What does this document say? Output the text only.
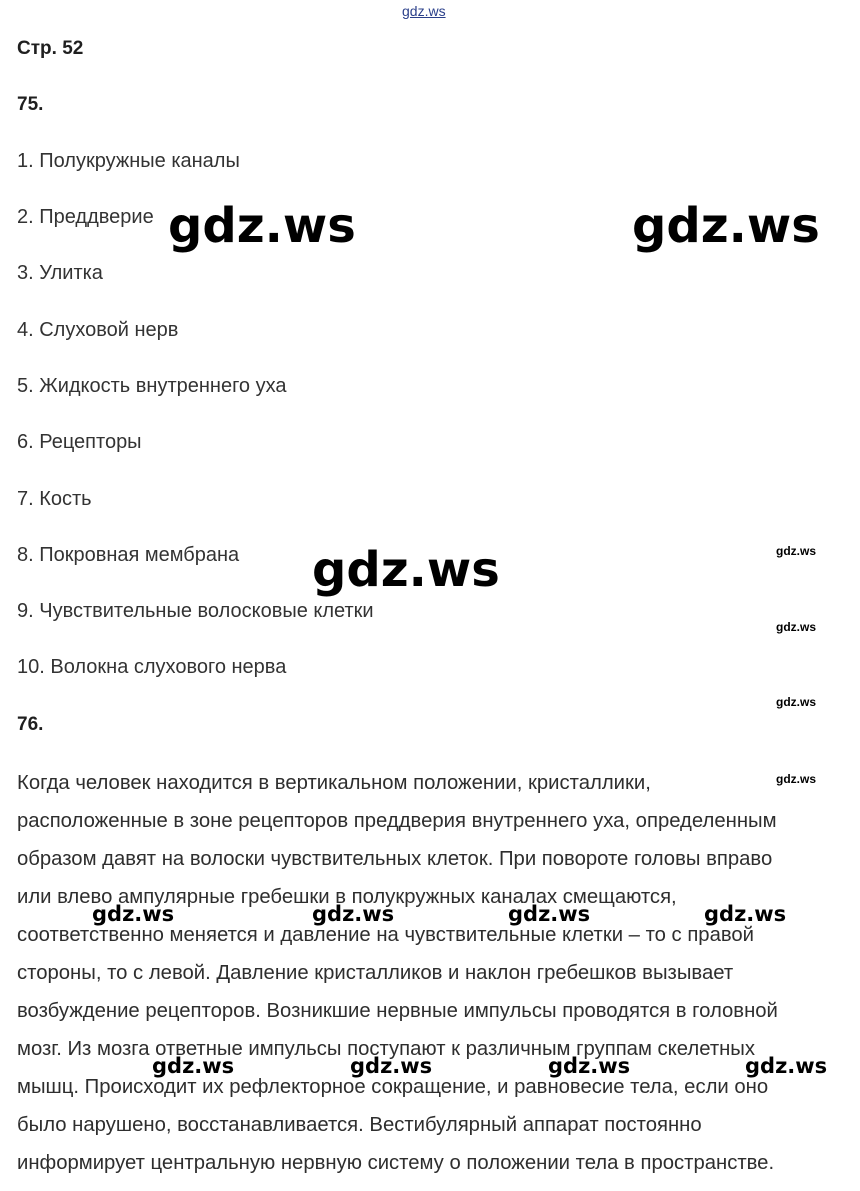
gdz.ws
Стр. 52
75.
1. Полукружные каналы
2. Преддверие
3. Улитка
4. Слуховой нерв
5. Жидкость внутреннего уха
6. Рецепторы
7. Кость
8. Покровная мембрана
9. Чувствительные волосковые клетки
10. Волокна слухового нерва
76.
Когда человек находится в вертикальном положении, кристаллики,
расположенные в зоне рецепторов преддверия внутреннего уха, определенным
образом давят на волоски чувствительных клеток. При повороте головы вправо
или влево ампулярные гребешки в полукружных каналах смещаются,
соответственно меняется и давление на чувствительные клетки – то с правой
стороны, то с левой. Давление кристалликов и наклон гребешков вызывает
возбуждение рецепторов. Возникшие нервные импульсы проводятся в головной
мозг. Из мозга ответные импульсы поступают к различным группам скелетных
мышц. Происходит их рефлекторное сокращение, и равновесие тела, если оно
было нарушено, восстанавливается. Вестибулярный аппарат постоянно
информирует центральную нервную систему о положении тела в пространстве.
gdz.ws	gdz.ws
gdz.ws	gdz.ws
gdz.ws
gdz.ws
gdz.ws
gdz.ws	gdz.ws	gdz.ws	gdz.ws
gdz.ws	gdz.ws	gdz.ws	gdz.ws
